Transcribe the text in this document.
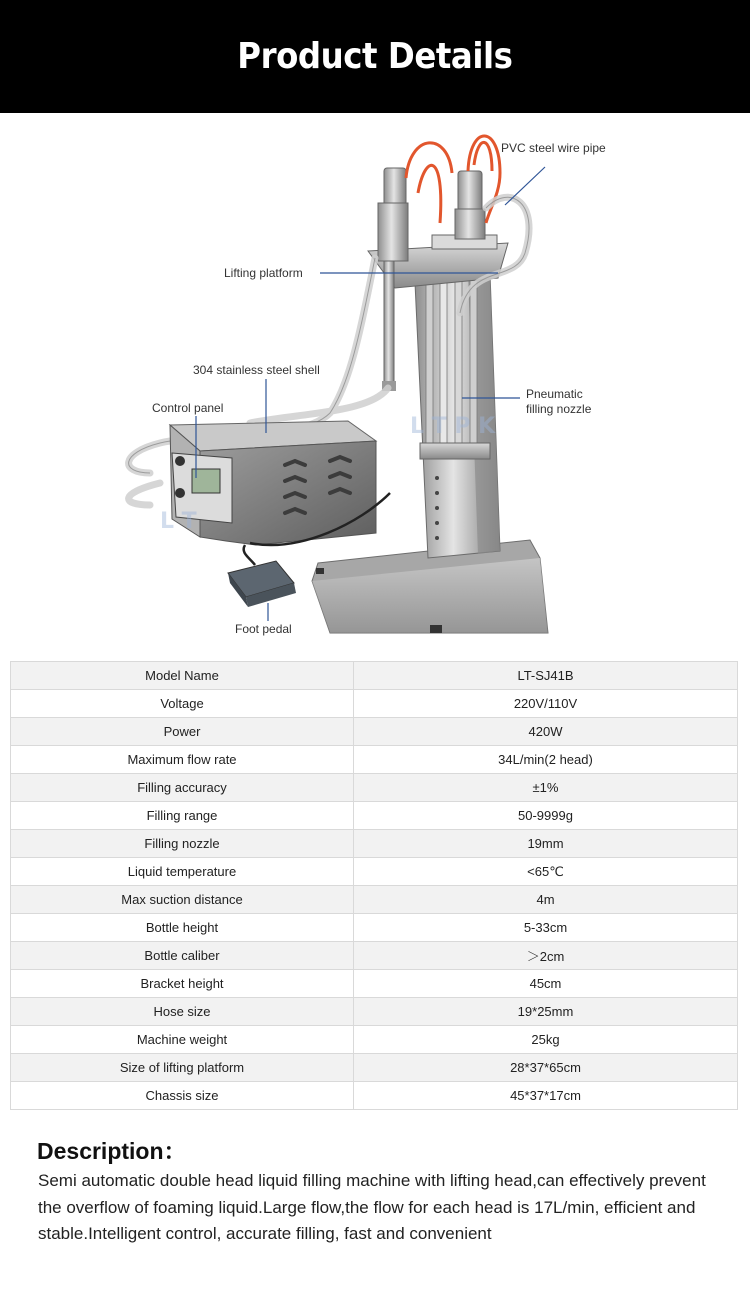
Product Details
L T P K
L T
PVC steel wire pipe
Lifting platform
304 stainless steel shell
Control panel
Pneumatic
filling nozzle
Foot pedal
Model Name	LT-SJ41B
Voltage	220V/110V
Power	420W
Maximum flow rate	34L/min(2 head)
Filling accuracy	±1%
Filling range	50-9999g
Filling nozzle	19mm
Liquid temperature	<65℃
Max suction distance	4m
Bottle height	5-33cm
Bottle caliber	＞2cm
Bracket height	45cm
Hose size	19*25mm
Machine weight	25kg
Size of lifting platform	28*37*65cm
Chassis size	45*37*17cm
Description：

Semi automatic double head liquid filling machine with lifting head,can effectively prevent the overflow of foaming liquid.Large flow,the flow for each head is 17L/min, efficient and stable.Intelligent control, accurate filling, fast and convenient
